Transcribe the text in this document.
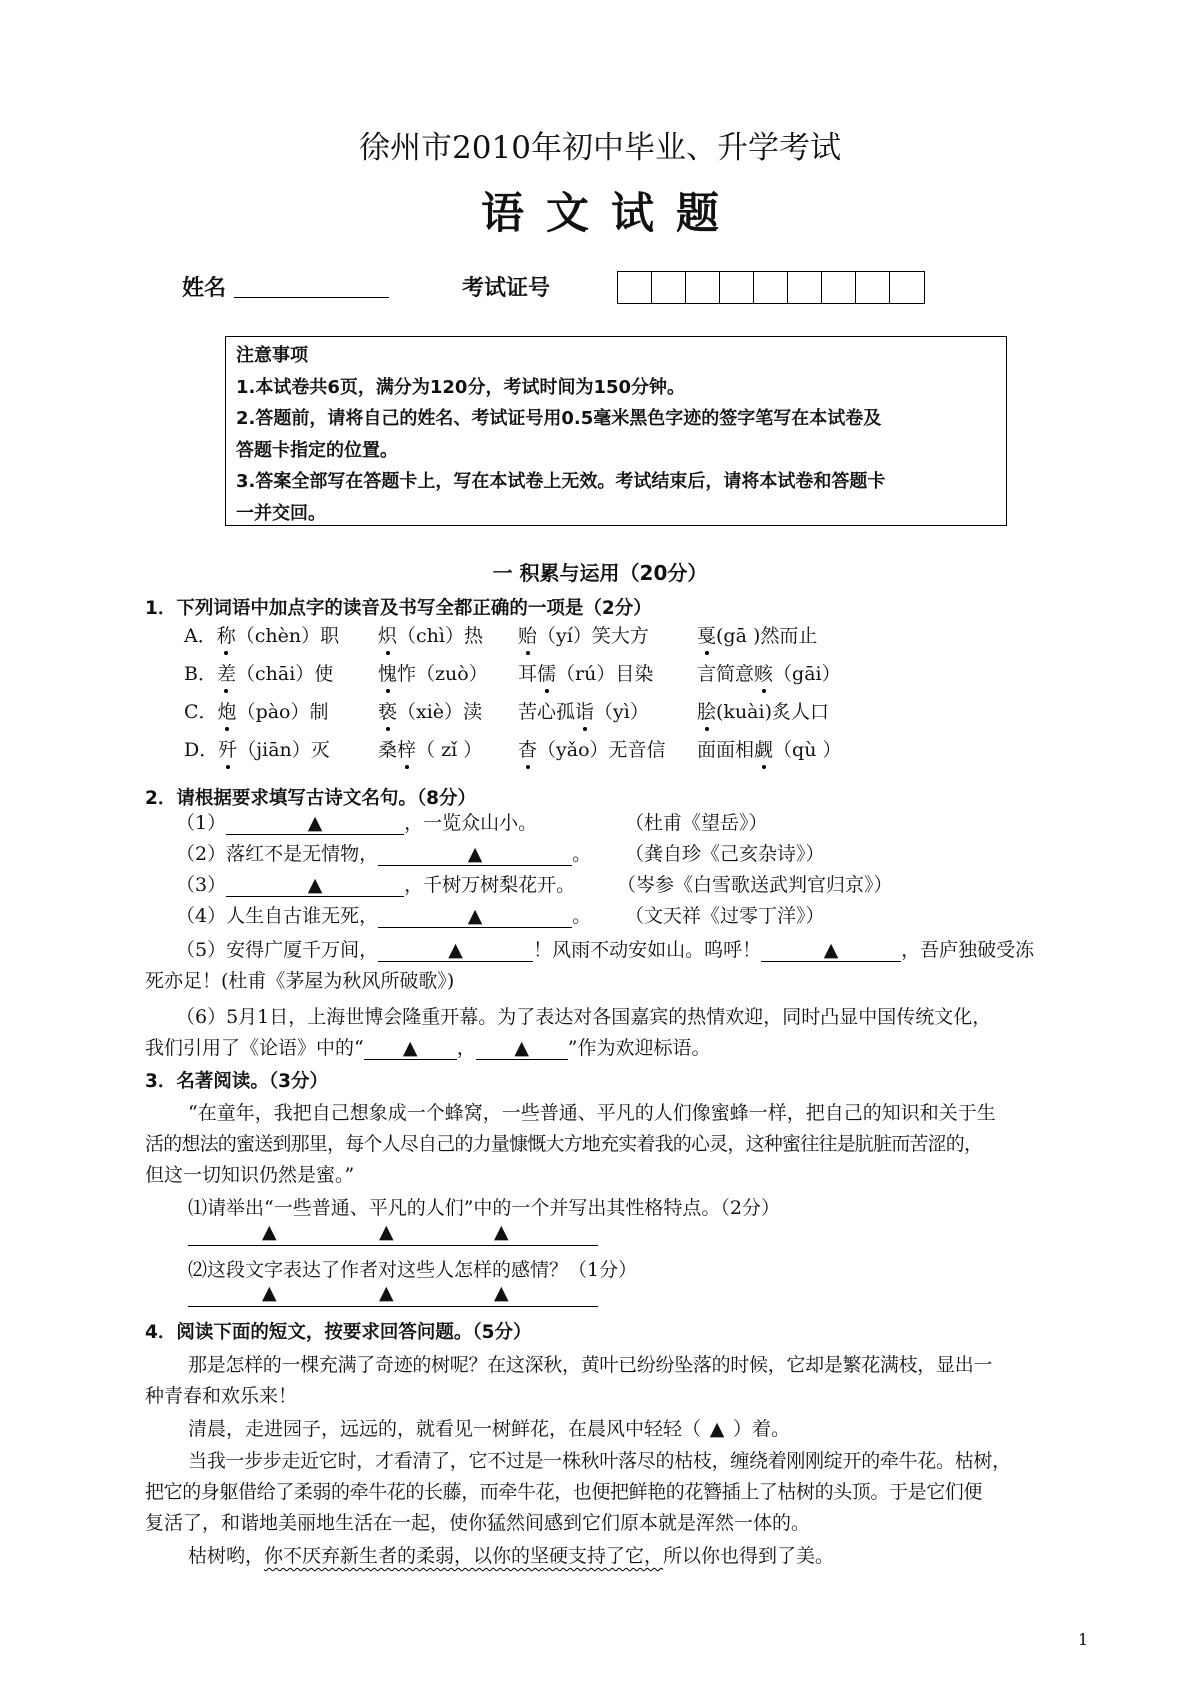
徐州市2010年初中毕业、升学考试
语文试题
姓名	考试证号
注意事项
1.本试卷共6页，满分为120分，考试时间为150分钟。
2.答题前，请将自己的姓名、考试证号用0.5毫米黑色字迹的签字笔写在本试卷及
答题卡指定的位置。
3.答案全部写在答题卡上，写在本试卷上无效。考试结束后，请将本试卷和答题卡
一并交回。
一 积累与运用（20分）
1．下列词语中加点字的读音及书写全都正确的一项是（2分）
A．称（chèn）职 炽（chì）热 贻（yí）笑大方	戛(gā )然而止
B．差（chāi）使 愧怍（zuò） 耳儒（rú）目染 言简意赅（gāi）
C．炮（pào）制	亵（xiè）渎 苦心孤诣（yì）	脍(kuài)炙人口
D．歼（jiān）灭	桑梓（ zǐ ） 杳（yǎo）无音信 面面相觑（qù ）
2．请根据要求填写古诗文名句。（8分）
（1）	▲	，一览众山小。	（杜甫《望岳》）
（2）落红不是无情物，	▲	。 （龚自珍《己亥杂诗》）
（3）	▲	，千树万树梨花开。 （岑参《白雪歌送武判官归京》）
（4）人生自古谁无死，	▲	。 （文天祥《过零丁洋》）
（5）安得广厦千万间，	▲	！风雨不动安如山。呜呼！	▲	，吾庐独破受冻
死亦足！(杜甫《茅屋为秋风所破歌》)
（6）5月1日，上海世博会隆重开幕。为了表达对各国嘉宾的热情欢迎，同时凸显中国传统文化，
我们引用了《论语》中的“ ▲ ， ▲ ”作为欢迎标语。
3．名著阅读。（3分）
“在童年，我把自己想象成一个蜂窝，一些普通、平凡的人们像蜜蜂一样，把自己的知识和关于生
活的想法的蜜送到那里，每个人尽自己的力量慷慨大方地充实着我的心灵，这种蜜往往是肮脏而苦涩的，
但这一切知识仍然是蜜。”
⑴请举出“一些普通、平凡的人们”中的一个并写出其性格特点。（2分）
▲	▲	▲
⑵这段文字表达了作者对这些人怎样的感情？（1分）
▲	▲	▲
4．阅读下面的短文，按要求回答问题。（5分）
那是怎样的一棵充满了奇迹的树呢？在这深秋，黄叶已纷纷坠落的时候，它却是繁花满枝，显出一
种青春和欢乐来！
清晨，走进园子，远远的，就看见一树鲜花，在晨风中轻轻（ ▲ ）着。
当我一步步走近它时，才看清了，它不过是一株秋叶落尽的枯枝，缠绕着刚刚绽开的牵牛花。枯树，
把它的身躯借给了柔弱的牵牛花的长藤，而牵牛花，也便把鲜艳的花簪插上了枯树的头顶。于是它们便
复活了，和谐地美丽地生活在一起，使你猛然间感到它们原本就是浑然一体的。
枯树哟，你不厌弃新生者的柔弱，以你的坚硬支持了它，所以你也得到了美。
1
